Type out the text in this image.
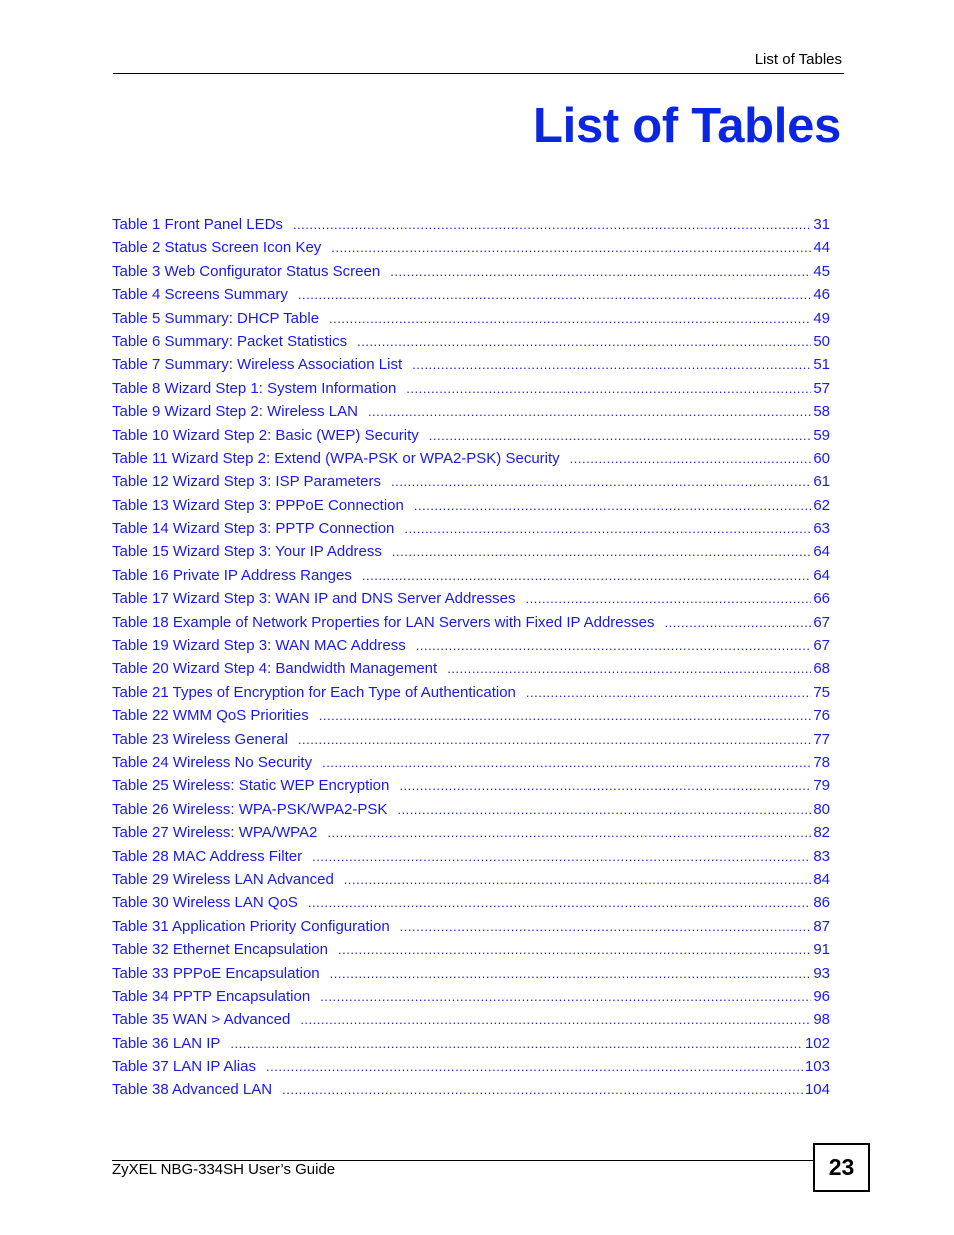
List of Tables
List of Tables
Table 1 Front Panel LEDs .....	31
Table 2 Status Screen Icon Key .....	44
Table 3 Web Configurator Status Screen .....	45
Table 4 Screens Summary .....	46
Table 5 Summary: DHCP Table .....	49
Table 6 Summary: Packet Statistics .....	50
Table 7 Summary: Wireless Association List .....	51
Table 8 Wizard Step 1: System Information .....	57
Table 9 Wizard Step 2: Wireless LAN .....	58
Table 10 Wizard Step 2: Basic (WEP) Security .....	59
Table 11 Wizard Step 2: Extend (WPA-PSK or WPA2-PSK) Security .....	60
Table 12 Wizard Step 3: ISP Parameters .....	61
Table 13 Wizard Step 3: PPPoE Connection .....	62
Table 14 Wizard Step 3: PPTP Connection .....	63
Table 15 Wizard Step 3: Your IP Address .....	64
Table 16 Private IP Address Ranges .....	64
Table 17 Wizard Step 3: WAN IP and DNS Server Addresses .....	66
Table 18 Example of Network Properties for LAN Servers with Fixed IP Addresses .....	67
Table 19 Wizard Step 3: WAN MAC Address .....	67
Table 20 Wizard Step 4: Bandwidth Management .....	68
Table 21 Types of Encryption for Each Type of Authentication .....	75
Table 22 WMM QoS Priorities .....	76
Table 23 Wireless General .....	77
Table 24 Wireless No Security .....	78
Table 25 Wireless: Static WEP Encryption .....	79
Table 26 Wireless: WPA-PSK/WPA2-PSK .....	80
Table 27 Wireless: WPA/WPA2 .....	82
Table 28 MAC Address Filter .....	83
Table 29 Wireless LAN Advanced .....	84
Table 30 Wireless LAN QoS .....	86
Table 31 Application Priority Configuration .....	87
Table 32 Ethernet Encapsulation .....	91
Table 33 PPPoE Encapsulation .....	93
Table 34 PPTP Encapsulation .....	96
Table 35 WAN > Advanced .....	98
Table 36 LAN IP .....	102
Table 37 LAN IP Alias .....	103
Table 38 Advanced LAN .....	104
ZyXEL NBG-334SH User’s Guide	23
